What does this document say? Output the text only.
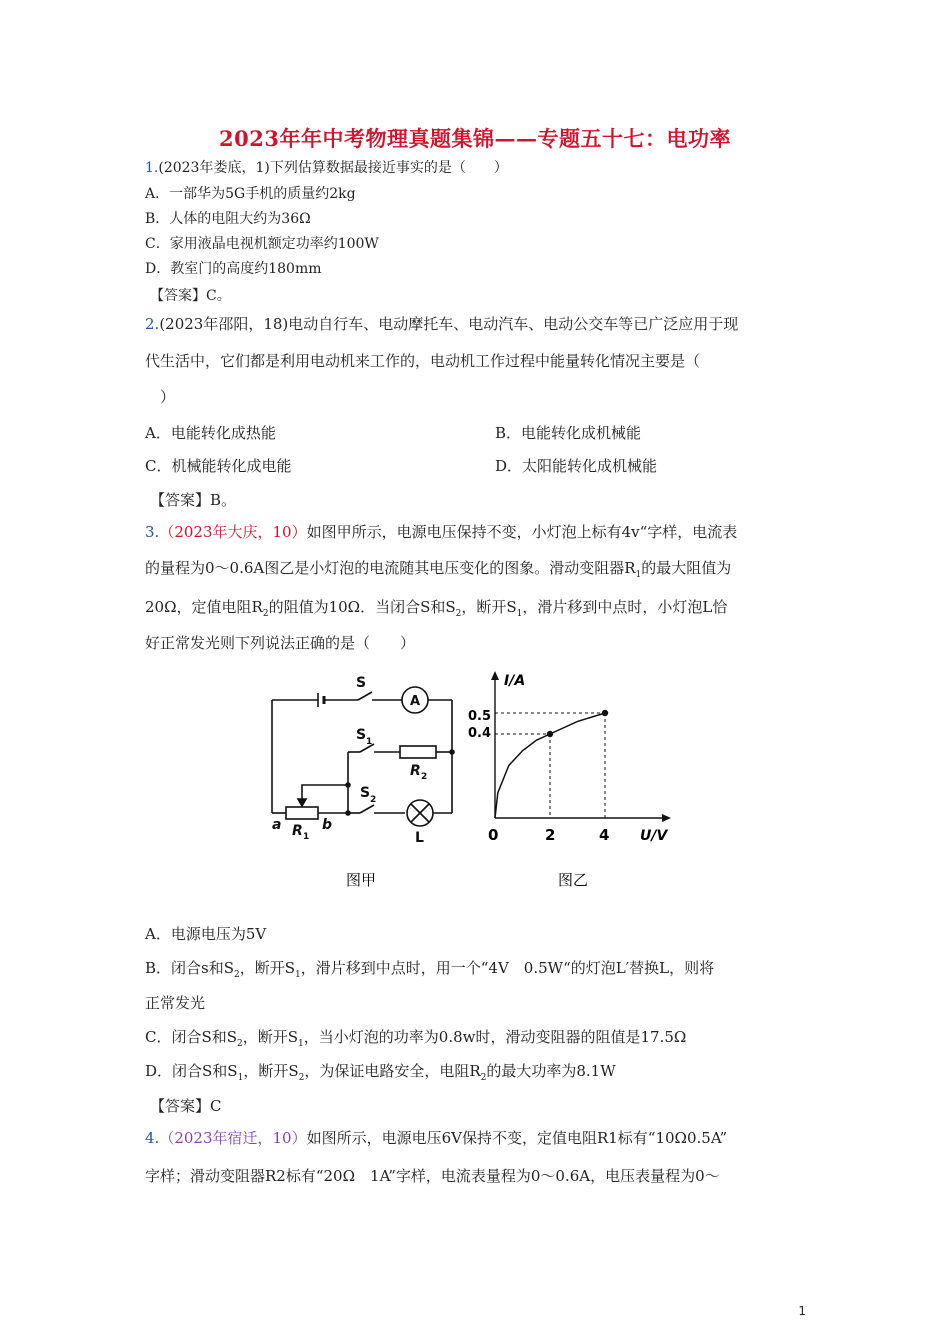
2023年年中考物理真题集锦——专题五十七：电功率
1.(2023年娄底，1)下列估算数据最接近事实的是（　　）
A．一部华为5G手机的质量约2kg
B．人体的电阻大约为36Ω
C．家用液晶电视机额定功率约100W
D．教室门的高度约180mm
【答案】C。
2.(2023年邵阳，18)电动自行车、电动摩托车、电动汽车、电动公交车等已广泛应用于现
代生活中，它们都是利用电动机来工作的，电动机工作过程中能量转化情况主要是（
）
A．电能转化成热能	B．电能转化成机械能
C．机械能转化成电能	D．太阳能转化成机械能
【答案】B。
3.（2023年大庆，10）如图甲所示，电源电压保持不变，小灯泡上标有4v“字样，电流表
的量程为0～0.6A图乙是小灯泡的电流随其电压变化的图象。滑动变阻器$R_1$的最大阻值为
20Ω，定值电阻$R_2$的阻值为10Ω．当闭合S和$S_2$，断开$S_1$，滑片移到中点时，小灯泡L恰
好正常发光则下列说法正确的是（　　）
S
A
S 1
R 2
S 2
L
a	b
R 1
图甲
I/A
U/V
0	2	4
0.4
0.5
图乙
A．电源电压为5V
B．闭合s和$S_2$，断开$S_1$，滑片移到中点时，用一个“4V　0.5W“的灯泡L′替换L，则将
正常发光
C．闭合S和$S_2$，断开$S_1$，当小灯泡的功率为0.8w时，滑动变阻器的阻值是17.5Ω
D．闭合S和$S_1$，断开$S_2$，为保证电路安全，电阻$R_2$的最大功率为8.1W
【答案】C
4.（2023年宿迁，10）如图所示，电源电压6V保持不变，定值电阻R1标有“10Ω0.5A”
字样；滑动变阻器R2标有“20Ω　1A”字样，电流表量程为0～0.6A，电压表量程为0～
1
